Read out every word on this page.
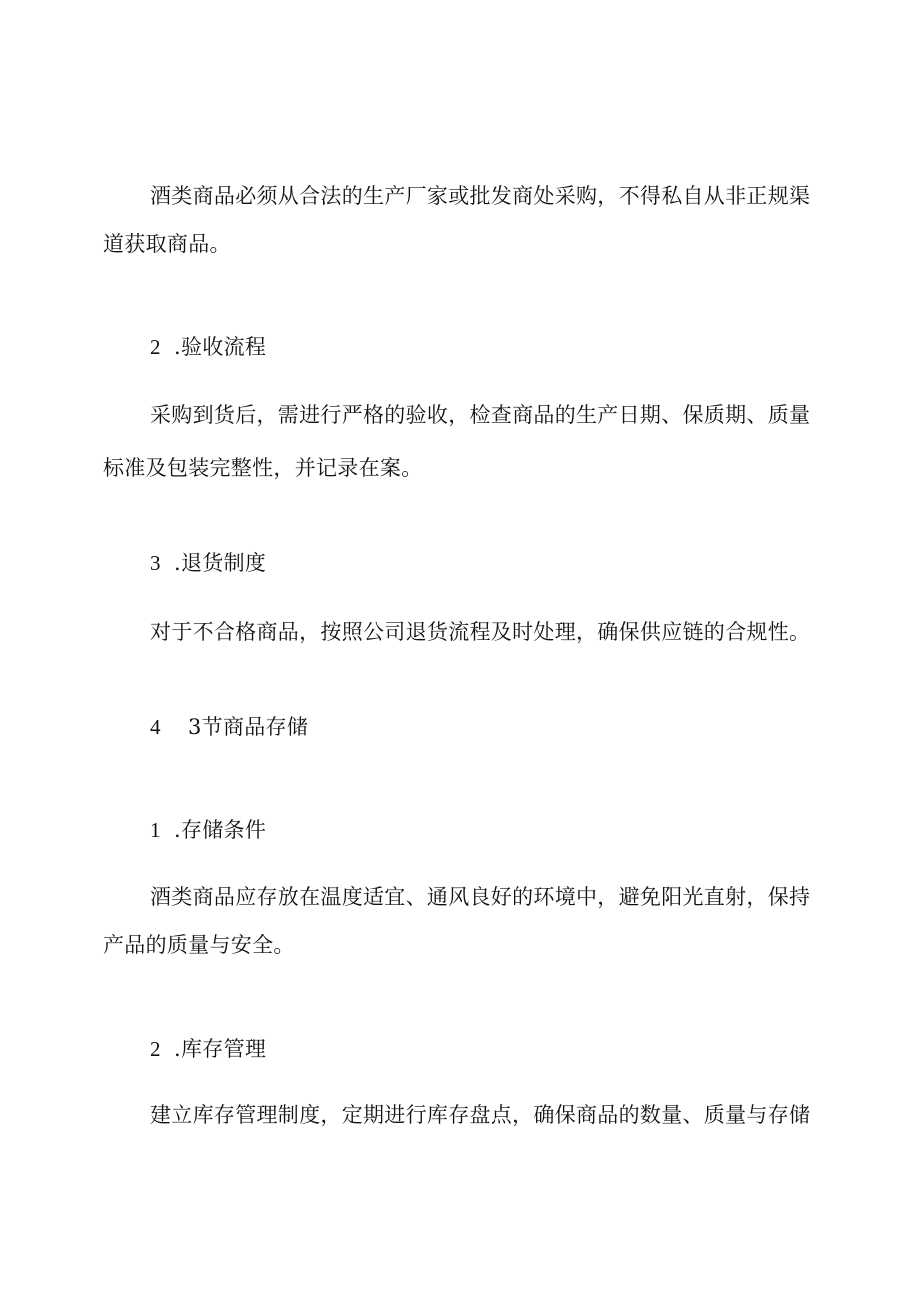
酒类商品必须从合法的生产厂家或批发商处采购，不得私自从非正规渠
道获取商品。
2 .验收流程
采购到货后，需进行严格的验收，检查商品的生产日期、保质期、质量
标准及包装完整性，并记录在案。
3 .退货制度
对于不合格商品，按照公司退货流程及时处理，确保供应链的合规性。
4 3节商品存储
1 .存储条件
酒类商品应存放在温度适宜、通风良好的环境中，避免阳光直射，保持
产品的质量与安全。
2 .库存管理
建立库存管理制度，定期进行库存盘点，确保商品的数量、质量与存储
